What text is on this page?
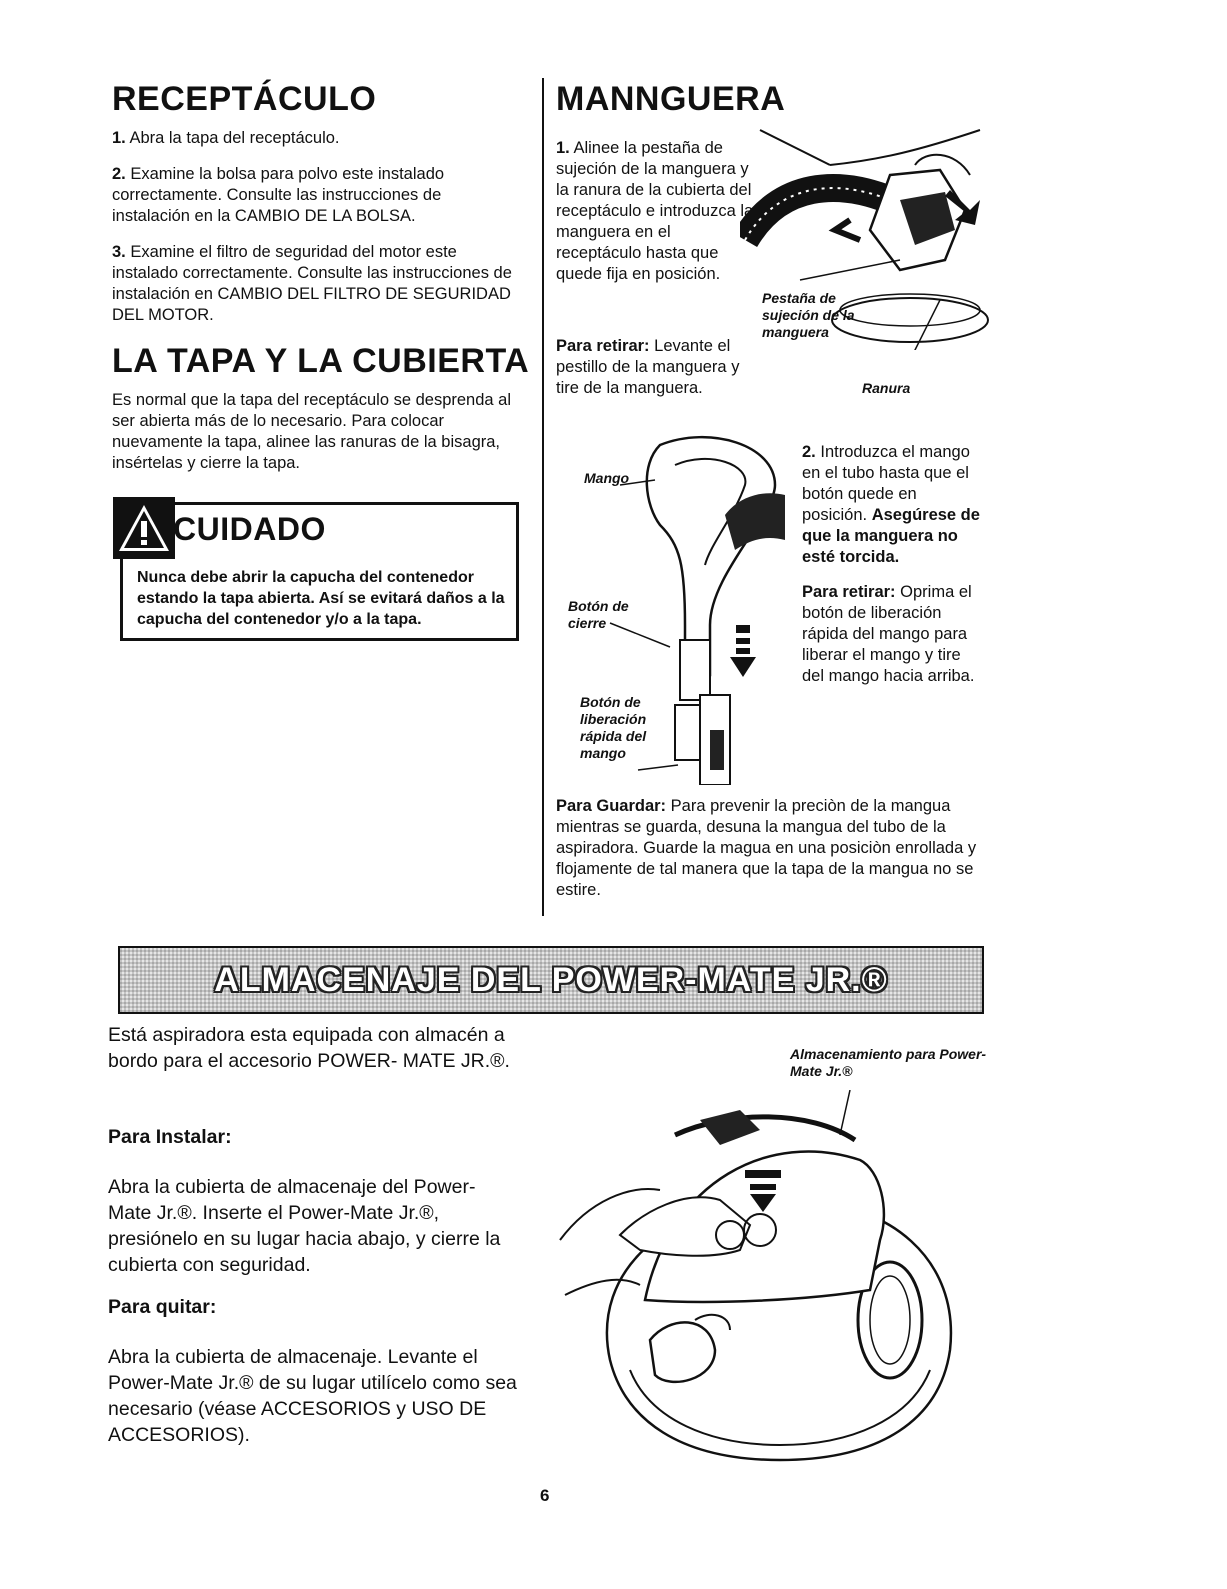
RECEPTÁCULO

1. Abra la tapa del receptáculo.

2. Examine la bolsa para polvo este instalado correctamente. Consulte las instrucciones de instalación en la CAMBIO DE LA BOLSA.

3. Examine el filtro de seguridad del motor este instalado correctamente. Consulte las instrucciones de instalación en CAMBIO DEL FILTRO DE SEGURIDAD DEL MOTOR.

LA TAPA Y LA CUBIERTA

Es normal que la tapa del receptáculo se desprenda al ser abierta más de lo necesario. Para colocar nuevamente la tapa, alinee las ranuras de la bisagra, insértelas y cierre la tapa.

CUIDADO
Nunca debe abrir la capucha del contenedor estando la tapa abierta. Así se evitará daños a la capucha del contenedor y/o a la tapa.
MANNGUERA

1. Alinee la pestaña de sujeción de la manguera y la ranura de la cubierta del receptáculo e introduzca la manguera en el receptáculo hasta que quede fija en posición.

Para retirar: Levante el pestillo de la manguera y tire de la manguera.

Pestaña de sujeción de la manguera
Ranura
Mango
Botón de cierre
Botón de liberación rápida del mango

2. Introduzca el mango en el tubo hasta que el botón quede en posición. Asegúrese de que la manguera no esté torcida.

Para retirar: Oprima el botón de liberación rápida del mango para liberar el mango y tire del mango hacia arriba.

Para Guardar: Para prevenir la preciòn de la mangua mientras se guarda, desuna la mangua del tubo de la aspiradora. Guarde la magua en una posiciòn enrollada y flojamente de tal manera que la tapa de la mangua no se estire.

ALMACENAJE DEL POWER-MATE JR.®

Está aspiradora esta equipada con almacén a bordo para el accesorio POWER- MATE JR.®.

Para Instalar:

Abra la cubierta de almacenaje del Power-Mate Jr.®. Inserte el Power-Mate Jr.®, presiónelo en su lugar hacia abajo, y cierre la cubierta con seguridad.

Para quitar:

Abra la cubierta de almacenaje. Levante el Power-Mate Jr.® de su lugar utilícelo como sea necesario (véase ACCESORIOS y USO DE ACCESORIOS).

Almacenamiento para Power-Mate Jr.®
6
